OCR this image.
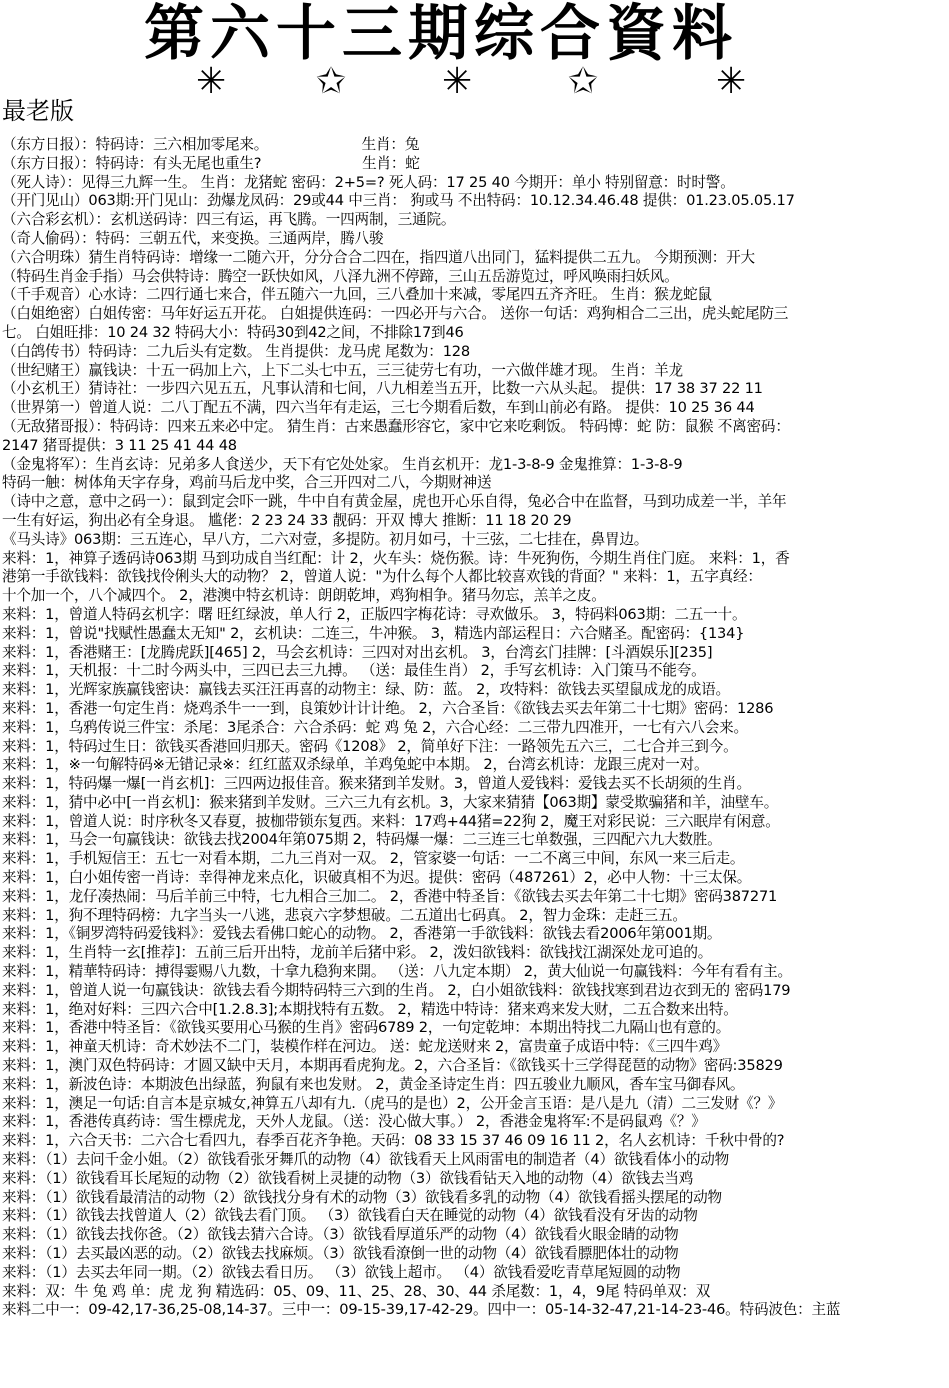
第六十三期综合資料
✳ ✩	✳	✩	✳
最老版
（东方日报）：特码诗：三六相加零尾来。　　　　　　　生肖：兔
（东方日报）：特码诗：有头无尾也重生?　　　　　　　生肖：蛇
（死人诗）：见得三九辉一生。 生肖：龙猪蛇 密码：2+5=? 死人码：17 25 40 今期开：单小 特别留意：时时警。
（开门见山）063期:开门见山：劲爆龙凤码：29或44 中三肖： 狗或马 不出特码：10.12.34.46.48 提供：01.23.05.05.17
（六合彩玄机）：玄机送码诗：四三有运，再飞腾。一四两制，三通院。
（奇人偷码）：特码：三朝五代，来变换。三通两岸，腾八骏
（六合明珠）猜生肖特码诗：增缘一二随六开，分分合合二四在，指四道八出同门，猛料提供二五九。 今期预测：开大
（特码生肖金手指）马会供特诗：腾空一跃快如风，八泽九洲不停蹄，三山五岳游览过，呼风唤雨扫妖风。
（千手观音）心水诗：二四行通七来合，伴五随六一九回，三八叠加十来减，零尾四五齐齐旺。 生肖：猴龙蛇鼠
（白姐绝密）白姐传密：马年好运五开花。 白姐提供连码：一四必开与六合。 送你一句话：鸡狗相合二三出，虎头蛇尾防三
七。 白姐旺排：10 24 32 特码大小：特码30到42之间，不排除17到46
（白鸽传书）特码诗：二九后头有定数。 生肖提供：龙马虎 尾数为：128
（世纪赌王）赢钱诀：十五一码加上六，上下二头七中五，三三徒劳七有功，一六做伴雄才现。 生肖：羊龙
（小玄机王）猜诗社：一步四六见五五，凡事认清和七间，八九相差当五开，比数一六从头起。 提供：17 38 37 22 11
（世界第一）曾道人说：二八丁配五不满，四六当年有走运，三七今期看后数，车到山前必有路。 提供：10 25 36 44
（无敌猪哥报）：特码诗：四来五来必中定。 猜生肖：古来愚蠢形容它，家中它来吃剩饭。 特码博：蛇 防：鼠猴 不离密码：
2147 猪哥提供：3 11 25 41 44 48
（金鬼将军）：生肖玄诗：兄弟多人食送少，天下有它处处家。 生肖玄机开：龙1-3-8-9 金鬼推算：1-3-8-9
特码一触：树体角天字存身，鸡前马后龙中奖，合三开四对二八，今期财神送
（诗中之意，意中之码一）：鼠到定会吓一跳，牛中自有黄金屋，虎也开心乐自得，兔必合中在监督，马到功成差一半，羊年
一生有好运，狗出必有全身退。 尴佬：2 23 24 33 靓码：开双 博大 推断：11 18 20 29
《马头诗》063期：三五连心，早八方，二六对壹，多提防。初月如弓，十三弦，二七挂在，鼻胃边。
来料：1，神算子透码诗063期 马到功成自当红配：计 2，火车头：烧伤猴。诗：牛死狗伤，今期生肖住门庭。 来料：1，香
港第一手欲钱料：欲钱找伶俐头大的动物？ 2，曾道人说："为什么每个人都比较喜欢钱的背面？" 来料：1，五字真经：
十个加一个，八个减四个。 2，港澳中特玄机诗：朗朗乾坤，鸡狗相争。猪马勿忘，羔羊之皮。
来料：1，曾道人特码玄机字：曙 旺红绿波，单人行 2，正版四字梅花诗：寻欢做乐。 3，特码料063期：二五一十。
来料：1，曾说"找赋性愚蠢太无知" 2，玄机诀：二连三，牛冲猴。 3，精选内部运程日：六合赌圣。配密码：{134}
来料：1，香港赌王：[龙腾虎跃][465] 2，马会玄机诗：三四对对出玄机。 3，台湾玄门挂牌：[斗酒娱乐][235]
来料：1，天机报：十二时今两头中，三四已去三九搏。 （送：最佳生肖） 2，手写玄机诗：入门策马不能夸。
来料：1，光辉家族赢钱密诀：赢钱去买汪汪再喜的动物主：绿、防：蓝。 2，攻特料：欲钱去买望鼠成龙的成语。
来料：1，香港一句定生肖：烧鸡杀牛一一到，良策妙计计计绝。 2，六合圣旨：《欲钱去买去年第二十七期》密码：1286
来料：1，乌鸦传说三件宝：杀尾：3尾杀合：六合杀码：蛇 鸡 兔 2，六合心经：二三带九四准开，一七有六八会来。
来料：1，特码过生日：欲钱买香港回归那天。密码《1208》 2，简单好下注：一路领先五六三，二七合并三到今。
来料：1，※一句解特码※无错记录※：红红蓝双杀绿单，羊鸡兔蛇中本期。 2，台湾玄机诗：龙跟三虎对一对。
来料：1，特码爆一爆[一肖玄机]：三四两边报佳音。猴来猪到羊发财。3，曾道人爱钱料：爱钱去买不长胡须的生肖。
来料：1，猜中必中[一肖玄机]：猴来猪到羊发财。三六三九有玄机。3，大家来猜猜【063期】蒙受欺骗猪和羊，油壁车。
来料：1，曾道人说：时序秋冬又春夏，披枷带锁东复西。来料：17鸡+44猪=22狗 2，魔王对彩民说：三六眠岸有闲意。
来料：1，马会一句赢钱诀：欲钱去找2004年第075期 2，特码爆一爆：二三连三七单数强，三四配六九大数胜。
来料：1，手机短信王：五七一对看本期，二九三肖对一双。 2，管家婆一句话：一二不离三中间，东风一来三后走。
来料：1，白小姐传密一肖诗：幸得神龙来点化，识破真相不为迟。提供：密码（487261）2，必中人物：十三太保。
来料：1，龙仔凑热闹：马后羊前三中特，七九相合三加二。 2，香港中特圣旨：《欲钱去买去年第二十七期》密码387271
来料：1，狗不理特码榜：九字当头一八逃，悲哀六字梦想破。二五道出七码真。 2，智力金珠：走赶三五。
来料：1，《铜罗湾特码爱钱料》：爱钱去看佛口蛇心的动物。 2，香港第一手欲钱料：欲钱去看2006年第001期。
来料：1，生肖特一玄[推荐]：五前三后开出特，龙前羊后猪中彩。 2，泼妇欲钱料：欲钱找江湖深处龙可追的。
来料：1，精華特码诗：搏得霎赐八九数，十拿九稳狗来開。 （送：八九定本期） 2，黄大仙说一句赢钱料：今年有看有主。
来料：1，曾道人说一句赢钱诀：欲钱去看今期特码特三六到的生肖。 2，白小姐欲钱料：欲钱找寒到君边衣到无的 密码179
来料：1，绝对好料：三四六合中[1.2.8.3];本期找特有五数。 2，精选中特诗：猪来鸡来发大财，二五合数来出特。
来料：1，香港中特圣旨：《欲钱买要用心马猴的生肖》密码6789 2，一句定乾坤：本期出特找二九隔山也有意的。
来料：1，神童天机诗：奇术妙法不二门，装模作样在河边。 送：蛇龙送财来 2，富贵童子成语中特：《三四牛鸡》
来料：1，澳门双色特码诗：才圆又缺中天月，本期再看虎狗龙。2，六合圣旨：《欲钱买十三学得琵琶的动物》密码:35829
来料：1，新波色诗：本期波色出绿蓝，狗鼠有来也发财。 2，黄金圣诗定生肖：四五骏业九顺风，香车宝马御春风。
来料：1，澳足一句话:自言本是京城女,神算五八却有九.（虎马的是也）2，公开金言玉语：是八是九（清）二三发财《？》
来料：1，香港传真药诗：雪生標虎龙，天外人龙鼠。（送：没心做大事。） 2，香港金鬼将军:不是码鼠鸡《？》
来料：1，六合天书：二六合七看四九，春季百花齐争艳。天码：08 33 15 37 46 09 16 11 2，名人玄机诗：千秋中骨的?
来料：（1）去问千金小姐。（2）欲钱看张牙舞爪的动物（4）欲钱看天上风雨雷电的制造者（4）欲钱看体小的动物
来料：（1）欲钱看耳长尾短的动物（2）欲钱看树上灵捷的动物（3）欲钱看钻天入地的动物（4）欲钱去当鸡
来料：（1）欲钱看最清洁的动物（2）欲钱找分身有术的动物（3）欲钱看多乳的动物（4）欲钱看摇头摆尾的动物
来料：（1）欲钱去找曾道人（2）欲钱去看门顶。 （3）欲钱看白天在睡觉的动物（4）欲钱看没有牙齿的动物
来料：（1）欲钱去找你爸。（2）欲钱去猜六合诗。（3）欲钱看厚道乐严的动物（4）欲钱看火眼金睛的动物
来料：（1）去买最凶恶的动。（2）欲钱去找麻烦。（3）欲钱看潦倒一世的动物（4）欲钱看膘肥体壮的动物
来料：（1）去买去年同一期。（2）欲钱去看日历。 （3）欲钱上超市。 （4）欲钱看爱吃青草尾短圆的动物
来料：双：牛 兔 鸡 单：虎 龙 狗 精选码：05、09、11、25、28、30、44 杀尾数：1，4，9尾 特码单双：双
来料二中一：09-42,17-36,25-08,14-37。三中一：09-15-39,17-42-29。四中一：05-14-32-47,21-14-23-46。特码波色：主蓝
